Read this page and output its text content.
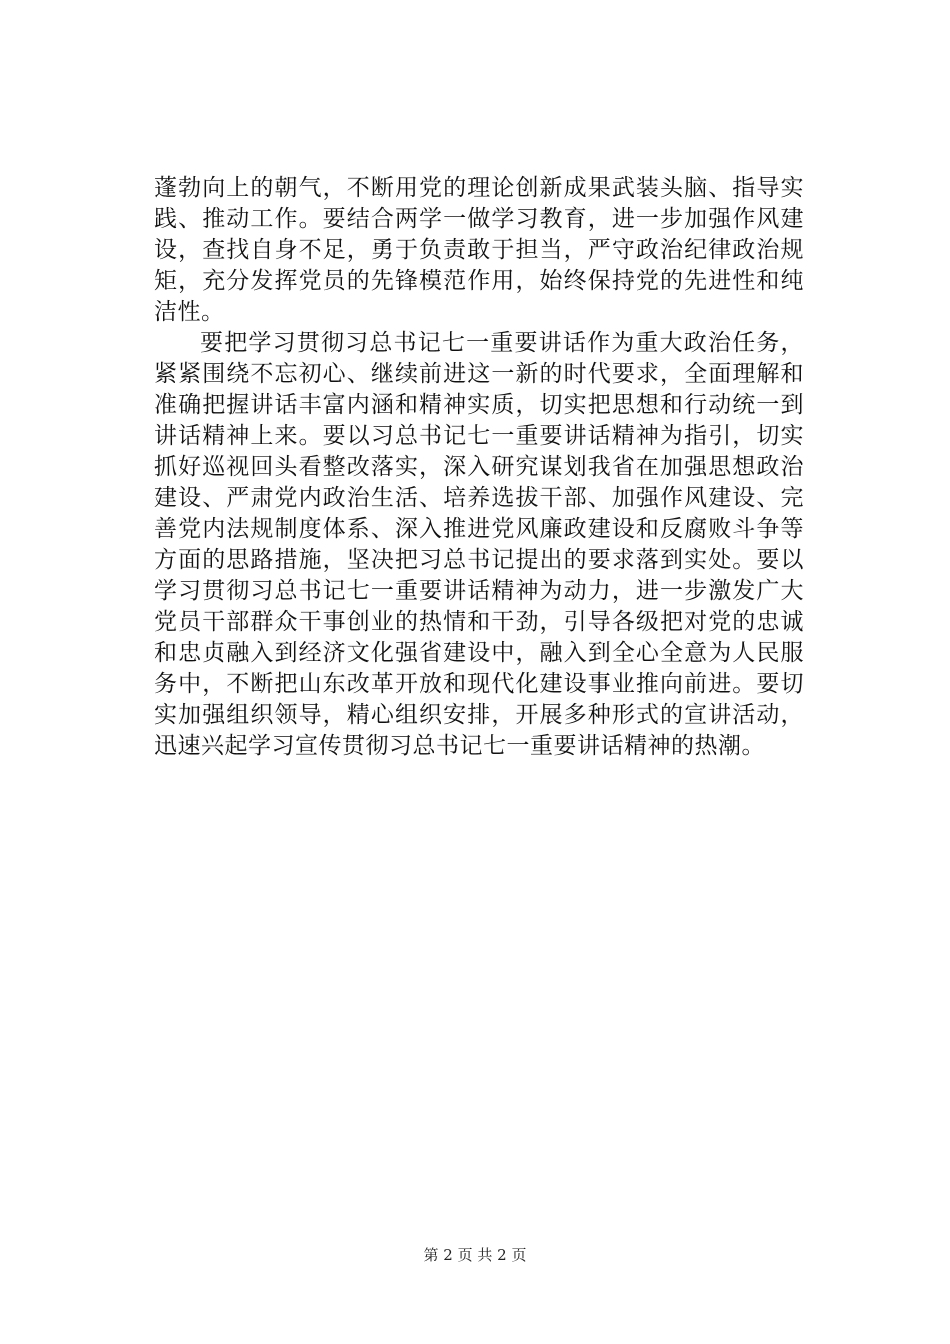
蓬勃向上的朝气，不断用党的理论创新成果武装头脑、指导实
践、推动工作。要结合两学一做学习教育，进一步加强作风建
设，查找自身不足，勇于负责敢于担当，严守政治纪律政治规
矩，充分发挥党员的先锋模范作用，始终保持党的先进性和纯
洁性。
要把学习贯彻习总书记七一重要讲话作为重大政治任务，
紧紧围绕不忘初心、继续前进这一新的时代要求，全面理解和
准确把握讲话丰富内涵和精神实质，切实把思想和行动统一到
讲话精神上来。要以习总书记七一重要讲话精神为指引，切实
抓好巡视回头看整改落实，深入研究谋划我省在加强思想政治
建设、严肃党内政治生活、培养选拔干部、加强作风建设、完
善党内法规制度体系、深入推进党风廉政建设和反腐败斗争等
方面的思路措施，坚决把习总书记提出的要求落到实处。要以
学习贯彻习总书记七一重要讲话精神为动力，进一步激发广大
党员干部群众干事创业的热情和干劲，引导各级把对党的忠诚
和忠贞融入到经济文化强省建设中，融入到全心全意为人民服
务中，不断把山东改革开放和现代化建设事业推向前进。要切
实加强组织领导，精心组织安排，开展多种形式的宣讲活动，
迅速兴起学习宣传贯彻习总书记七一重要讲话精神的热潮。
第 2 页 共 2 页
